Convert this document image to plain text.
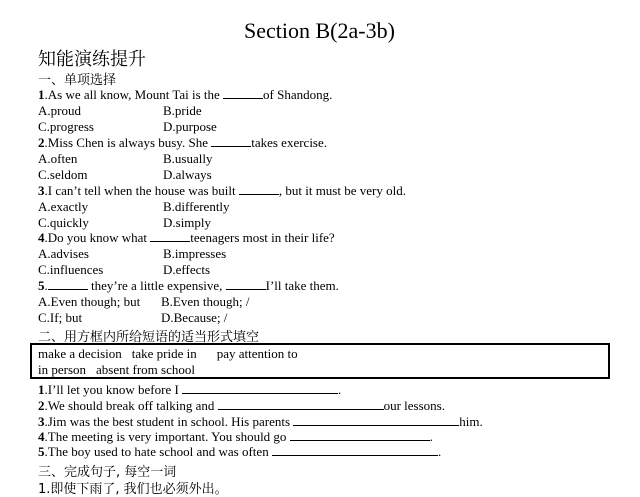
Section B(2a-3b)
知能演练提升
一、单项选择
1.As we all know, Mount Tai is the	of Shandong.
A.proud	B.pride
C.progress	D.purpose
2.Miss Chen is always busy. She	takes exercise.
A.often	B.usually
C.seldom	D.always
3.I can’t tell when the house was built	, but it must be very old.
A.exactly	B.differently
C.quickly	D.simply
4.Do you know what	teenagers most in their life?
A.advises	B.impresses
C.influences	D.effects
5.	they’re a little expensive,	I’ll take them.
A.Even though; but B.Even though; /
C.If; but	D.Because; /
二、用方框内所给短语的适当形式填空
make a decision take pride in pay attention to
in person absent from school
1.I’ll let you know before I	.
2.We should break off talking and	our lessons.
3.Jim was the best student in school. His parents	him.
4.The meeting is very important. You should go	.
5.The boy used to hate school and was often	.
三、完成句子, 每空一词
1.即使下雨了, 我们也必须外出。
